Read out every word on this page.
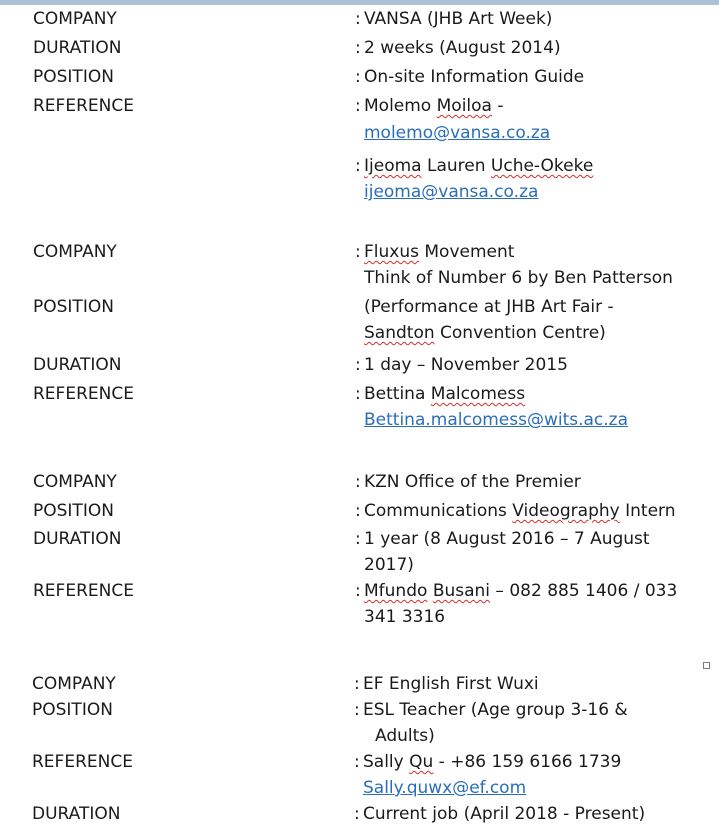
COMPANY	: VANSA (JHB Art Week)
DURATION	: 2 weeks (August 2014)
POSITION	: On-site Information Guide
REFERENCE	: Molemo Moiloa -
molemo@vansa.co.za
: Ijeoma Lauren Uche-Okeke
ijeoma@vansa.co.za
COMPANY	: Fluxus Movement
Think of Number 6 by Ben Patterson
POSITION	(Performance at JHB Art Fair -
Sandton Convention Centre)
DURATION	: 1 day – November 2015
REFERENCE	: Bettina Malcomess
Bettina.malcomess@wits.ac.za
COMPANY	: KZN Office of the Premier
POSITION	: Communications Videography Intern
DURATION	: 1 year (8 August 2016 – 7 August
2017)
REFERENCE	: Mfundo Busani – 082 885 1406 / 033
341 3316
COMPANY	: EF English First Wuxi
POSITION	: ESL Teacher (Age group 3-16 &
Adults)
REFERENCE	: Sally Qu - +86 159 6166 1739
Sally.quwx@ef.com
DURATION	: Current job (April 2018 - Present)
